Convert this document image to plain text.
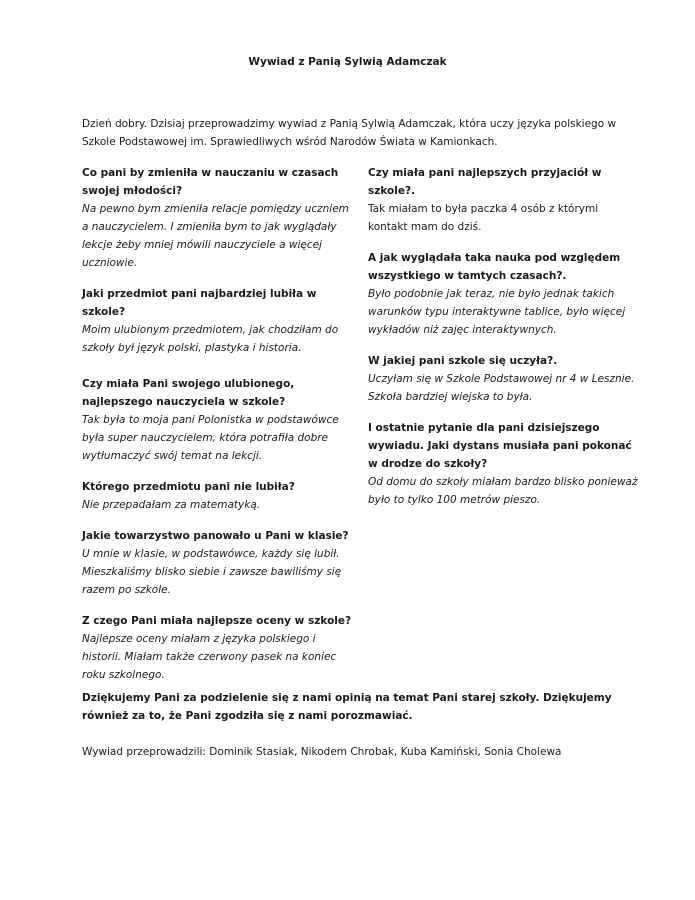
Wywiad z Panią Sylwią Adamczak
Dzień dobry. Dzisiaj przeprowadzimy wywiad z Panią Sylwią Adamczak, która uczy języka polskiego w Szkole Podstawowej im. Sprawiedliwych wśród Narodów Świata w Kamionkach.
Co pani by zmieniła w nauczaniu w czasach swojej młodości?
Na pewno bym zmieniła relacje pomiędzy uczniem a nauczycielem. I zmieniła bym to jak wyglądały lekcje żeby mniej mówili nauczyciele a więcej uczniowie.
Jaki przedmiot pani najbardziej lubiła w szkole?
Moim ulubionym przedmiotem, jak chodziłam do szkoły był język polski, plastyka i historia.
Czy miała Pani swojego ulubionego, najlepszego nauczyciela w szkole?
Tak była to moja pani Polonistka w podstawówce była super nauczycielem, która potrafiła dobre wytłumaczyć swój temat na lekcji.
Którego przedmiotu pani nie lubiła?
Nie przepadałam za matematyką.
Jakie towarzystwo panowało u Pani w klasie?
U mnie w klasie, w podstawówce, każdy się lubił. Mieszkaliśmy blisko siebie i zawsze bawiliśmy się razem po szkole.
Z czego Pani miała najlepsze oceny w szkole?
Najlepsze oceny miałam z języka polskiego i historii. Miałam także czerwony pasek na koniec roku szkolnego.
Czy miała pani najlepszych przyjaciół w szkole?.
Tak miałam to była paczka 4 osób z którymi kontakt mam do dziś.
A jak wyglądała taka nauka pod względem wszystkiego w tamtych czasach?.
Było podobnie jak teraz, nie było jednak takich warunków typu interaktywne tablice, było więcej wykładów niż zajęc interaktywnych.
W jakiej pani szkole się uczyła?.
Uczyłam się w Szkole Podstawowej nr 4 w Lesznie. Szkoła bardziej wiejska to była.
I ostatnie pytanie dla pani dzisiejszego wywiadu. Jaki dystans musiała pani pokonać w drodze do szkoły?
Od domu do szkoły miałam bardzo blisko ponieważ było to tylko 100 metrów pieszo.
Dziękujemy Pani za podzielenie się z nami opinią na temat Pani starej szkoły. Dziękujemy również za to, że Pani zgodziła się z nami porozmawiać.
Wywiad przeprowadzili: Dominik Stasiak, Nikodem Chrobak, Kuba Kamiński, Sonia Cholewa
